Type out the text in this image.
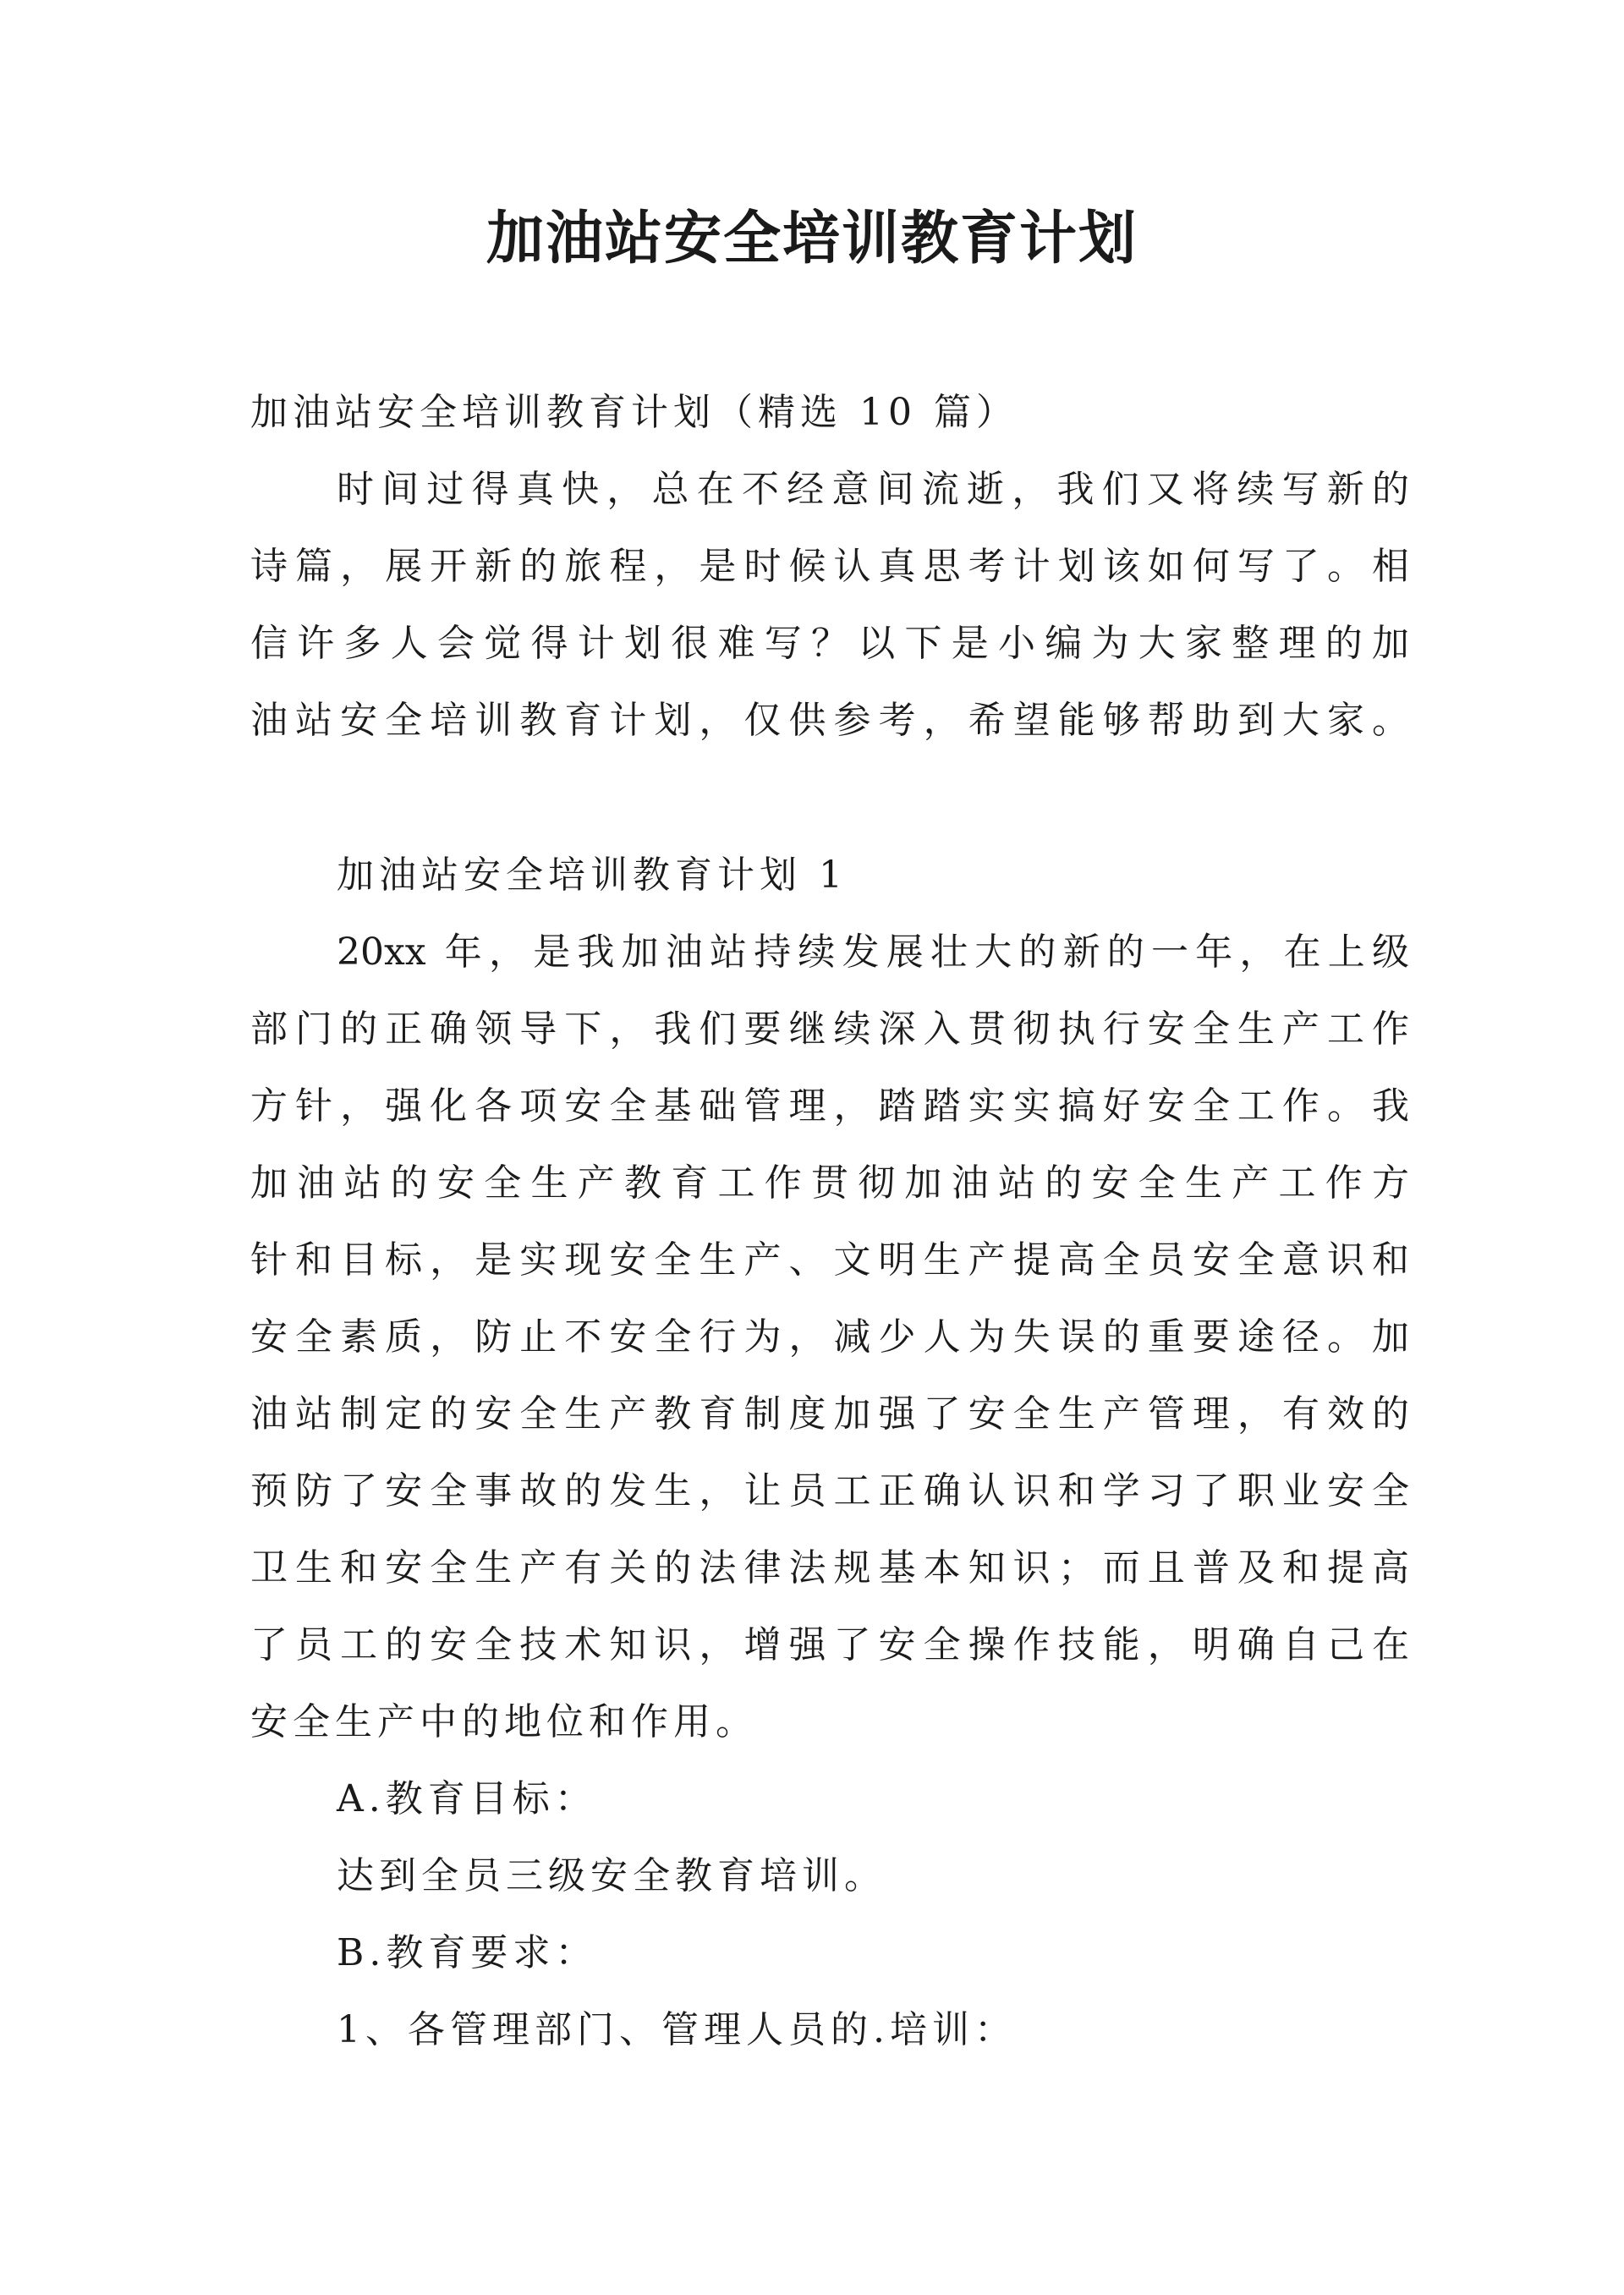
加油站安全培训教育计划
加油站安全培训教育计划（精选 10 篇）
时间过得真快，总在不经意间流逝，我们又将续写新的
诗篇，展开新的旅程，是时候认真思考计划该如何写了。相
信许多人会觉得计划很难写？以下是小编为大家整理的加
油站安全培训教育计划，仅供参考，希望能够帮助到大家。
加油站安全培训教育计划 1
20xx 年，是我加油站持续发展壮大的新的一年，在上级
部门的正确领导下，我们要继续深入贯彻执行安全生产工作
方针，强化各项安全基础管理，踏踏实实搞好安全工作。我
加油站的安全生产教育工作贯彻加油站的安全生产工作方
针和目标，是实现安全生产、文明生产提高全员安全意识和
安全素质，防止不安全行为，减少人为失误的重要途径。加
油站制定的安全生产教育制度加强了安全生产管理，有效的
预防了安全事故的发生，让员工正确认识和学习了职业安全
卫生和安全生产有关的法律法规基本知识；而且普及和提高
了员工的安全技术知识，增强了安全操作技能，明确自己在
安全生产中的地位和作用。
A.教育目标：
达到全员三级安全教育培训。
B.教育要求：
1、各管理部门、管理人员的.培训：
